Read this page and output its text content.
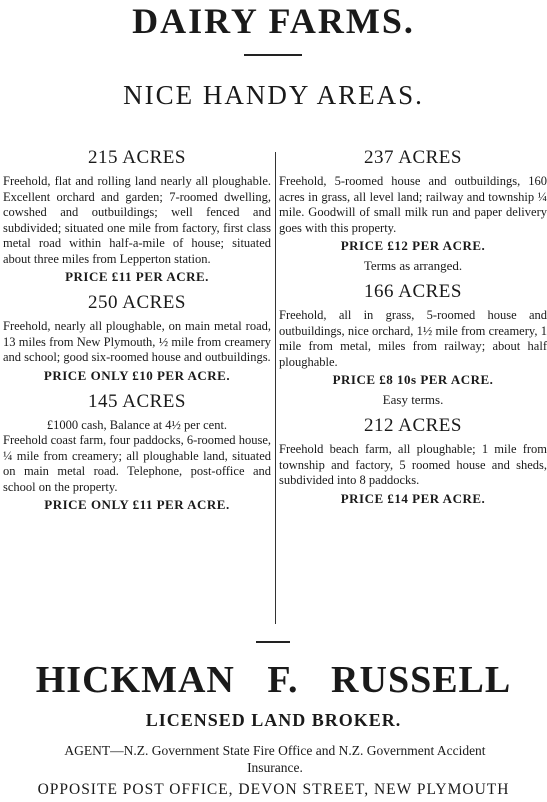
DAIRY FARMS.
NICE HANDY AREAS.
215 ACRES

Freehold, flat and rolling land nearly all ploughable. Excellent orchard and garden; 7-roomed dwelling, cowshed and outbuildings; well fenced and subdivided; situated one mile from factory, first class metal road within half-a-mile of house; situated about three miles from Lepperton station.

PRICE £11 PER ACRE.
250 ACRES

Freehold, nearly all ploughable, on main metal road, 13 miles from New Plymouth, ½ mile from creamery and school; good six-roomed house and outbuildings.

PRICE ONLY £10 PER ACRE.
145 ACRES

£1000 cash, Balance at 4½ per cent.

Freehold coast farm, four paddocks, 6-roomed house, ¼ mile from creamery; all ploughable land, situated on main metal road. Telephone, post-office and school on the property.

PRICE ONLY £11 PER ACRE.
237 ACRES

Freehold, 5-roomed house and outbuildings, 160 acres in grass, all level land; railway and township ¼ mile. Goodwill of small milk run and paper delivery goes with this property.

PRICE £12 PER ACRE.
Terms as arranged.
166 ACRES

Freehold, all in grass, 5-roomed house and outbuildings, nice orchard, 1½ mile from creamery, 1 mile from metal, miles from railway; about half ploughable.

PRICE £8 10s PER ACRE.
Easy terms.
212 ACRES

Freehold beach farm, all ploughable; 1 mile from township and factory, 5 roomed house and sheds, subdivided into 8 paddocks.

PRICE £14 PER ACRE.
HICKMAN F. RUSSELL
LICENSED LAND BROKER.
AGENT—N.Z. Government State Fire Office and N.Z. Government Accident Insurance.
OPPOSITE POST OFFICE, DEVON STREET, NEW PLYMOUTH
